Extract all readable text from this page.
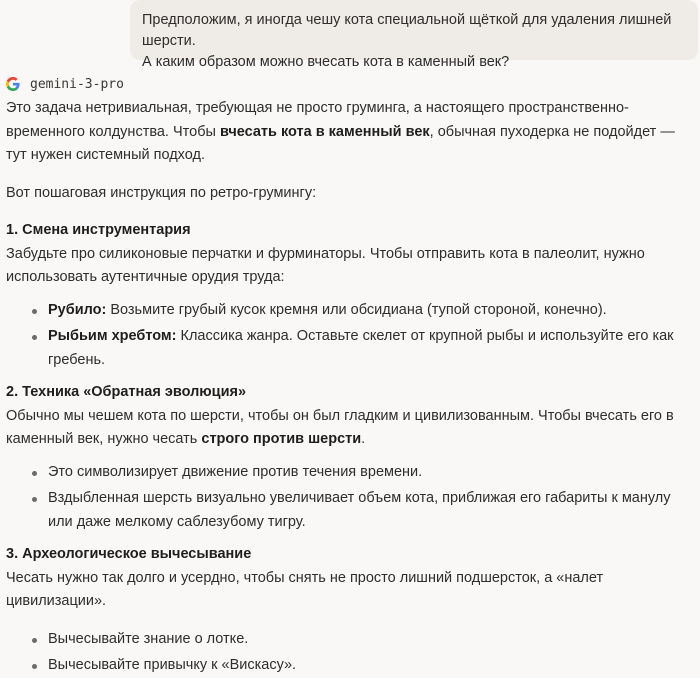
Предположим, я иногда чешу кота специальной щёткой для удаления лишней шерсти.
А каким образом можно вчесать кота в каменный век?
gemini-3-pro

Это задача нетривиальная, требующая не просто груминга, а настоящего пространственно-временного колдунства. Чтобы вчесать кота в каменный век, обычная пуходерка не подойдет — тут нужен системный подход.

Вот пошаговая инструкция по ретро-грумингу:

1. Смена инструментария

Забудьте про силиконовые перчатки и фурминаторы. Чтобы отправить кота в палеолит, нужно использовать аутентичные орудия труда:

Рубило: Возьмите грубый кусок кремня или обсидиана (тупой стороной, конечно).
Рыбьим хребтом: Классика жанра. Оставьте скелет от крупной рыбы и используйте его как гребень.

2. Техника «Обратная эволюция»

Обычно мы чешем кота по шерсти, чтобы он был гладким и цивилизованным. Чтобы вчесать его в каменный век, нужно чесать строго против шерсти.

Это символизирует движение против течения времени.
Вздыбленная шерсть визуально увеличивает объем кота, приближая его габариты к манулу или даже мелкому саблезубому тигру.

3. Археологическое вычесывание

Чесать нужно так долго и усердно, чтобы снять не просто лишний подшерсток, а «налет цивилизации».

Вычесывайте знание о лотке.
Вычесывайте привычку к «Вискасу».
